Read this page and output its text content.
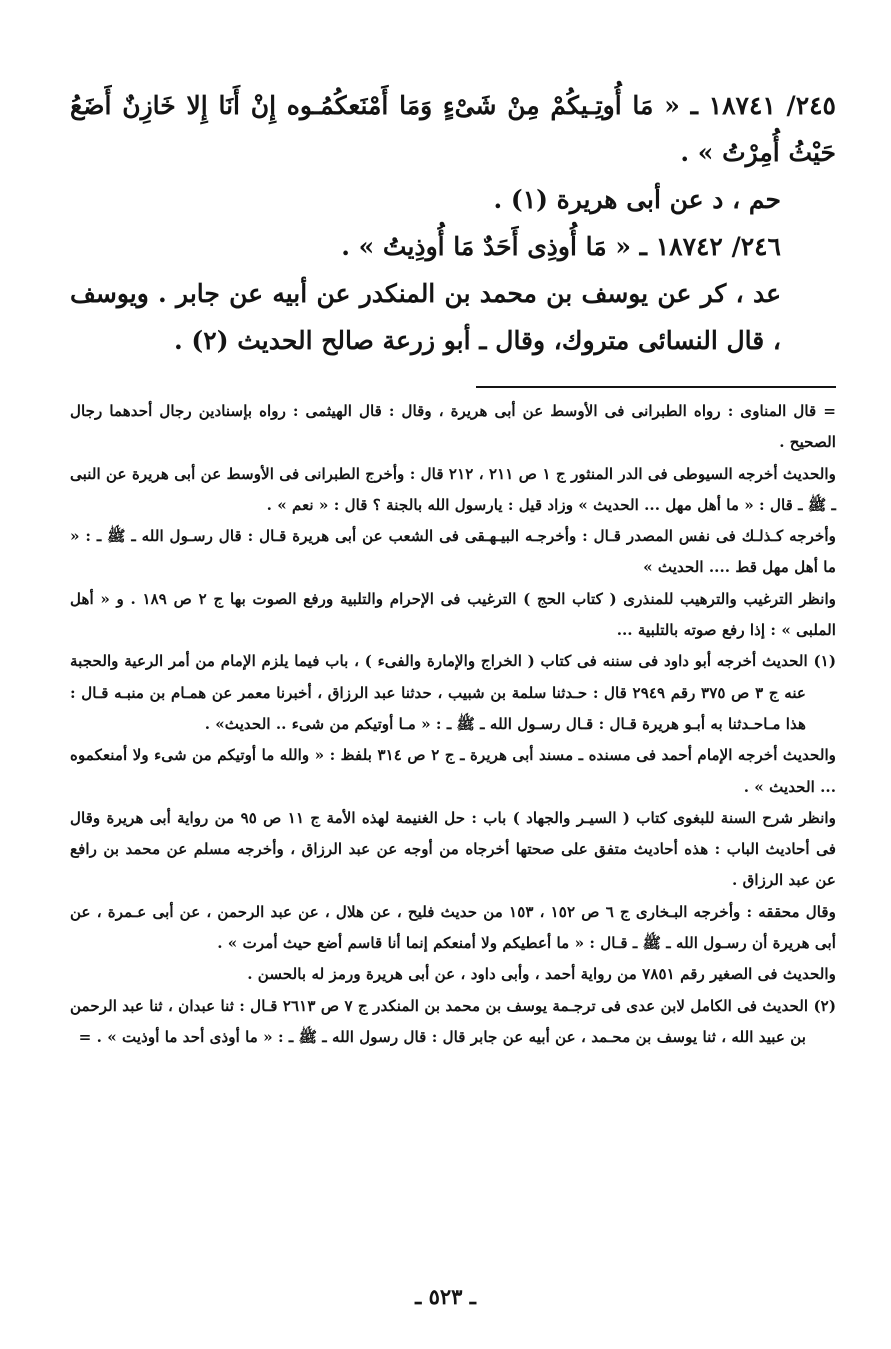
٢٤٥/ ١٨٧٤١ ـ « مَا أُوتِـيكُمْ مِنْ شَىْءٍ وَمَا أَمْنَعكُمُـوه إِنْ أَنَا إِلا خَازِنٌ أَضَعُ حَيْثُ أُمِرْتُ » .

حم ، د عن أبى هريرة (١) .

٢٤٦/ ١٨٧٤٢ ـ « مَا أُوذِى أَحَدٌ مَا أُوذِيتُ » .

عد ، كر عن يوسف بن محمد بن المنكدر عن أبيه عن جابر . ويوسف ، قال النسائى متروك، وقال ـ أبو زرعة صالح الحديث (٢) .

= قال المناوى : رواه الطبرانى فى الأوسط عن أبى هريرة ، وقال : قال الهيثمى : رواه بإسنادين رجال أحدهما رجال الصحيح .

والحديث أخرجه السيوطى فى الدر المنثور ج ١ ص ٢١١ ، ٢١٢ قال : وأخرج الطبرانى فى الأوسط عن أبى هريرة عن النبى ـ ﷺ ـ قال : « ما أهل مهل ... الحديث » وزاد قيل : يارسول الله بالجنة ؟ قال : « نعم » .

وأخرجه كـذلـك فى نفس المصدر قـال : وأخرجـه البيـهـقى فى الشعب عن أبى هريرة قـال : قال رسـول الله ـ ﷺ ـ : « ما أهل مهل قط .... الحديث »

وانظر الترغيب والترهيب للمنذرى ( كتاب الحج ) الترغيب فى الإحرام والتلبية ورفع الصوت بها ج ٢ ص ١٨٩ . و « أهل الملبى » : إذا رفع صوته بالتلبية ...

(١) الحديث أخرجه أبو داود فى سننه فى كتاب ( الخراج والإمارة والفىء ) ، باب فيما يلزم الإمام من أمر الرعية والحجبة عنه ج ٣ ص ٣٧٥ رقم ٢٩٤٩ قال : حـدثنا سلمة بن شبيب ، حدثنا عبد الرزاق ، أخبرنا معمر عن همـام بن منبـه قـال : هذا مـاحـدثنا به أبـو هريرة قـال : قـال رسـول الله ـ ﷺ ـ : « مـا أوتيكم من شىء .. الحديث» .

والحديث أخرجه الإمام أحمد فى مسنده ـ مسند أبى هريرة ـ ج ٢ ص ٣١٤ بلفظ : « والله ما أوتيكم من شىء ولا أمنعكموه ... الحديث » .

وانظر شرح السنة للبغوى كتاب ( السيـر والجهاد ) باب : حل الغنيمة لهذه الأمة ج ١١ ص ٩٥ من رواية أبى هريرة وقال فى أحاديث الباب : هذه أحاديث متفق على صحتها أخرجاه من أوجه عن عبد الرزاق ، وأخرجه مسلم عن محمد بن رافع عن عبد الرزاق .

وقال محققه : وأخرجه البـخارى ج ٦ ص ١٥٢ ، ١٥٣ من حديث فليح ، عن هلال ، عن عبد الرحمن ، عن أبى عـمرة ، عن أبى هريرة أن رسـول الله ـ ﷺ ـ قـال : « ما أعطيكم ولا أمنعكم إنما أنا قاسم أضع حيث أمرت » .

والحديث فى الصغير رقم ٧٨٥١ من رواية أحمد ، وأبى داود ، عن أبى هريرة ورمز له بالحسن .

(٢) الحديث فى الكامل لابن عدى فى ترجـمة يوسف بن محمد بن المنكدر ج ٧ ص ٢٦١٣ قـال : ثنا عبدان ، ثنا عبد الرحمن بن عبيد الله ، ثنا يوسف بن محـمد ، عن أبيه عن جابر قال : قال رسول الله ـ ﷺ ـ : « ما أوذى أحد ما أوذيت » . =

ـ ٥٢٣ ـ
